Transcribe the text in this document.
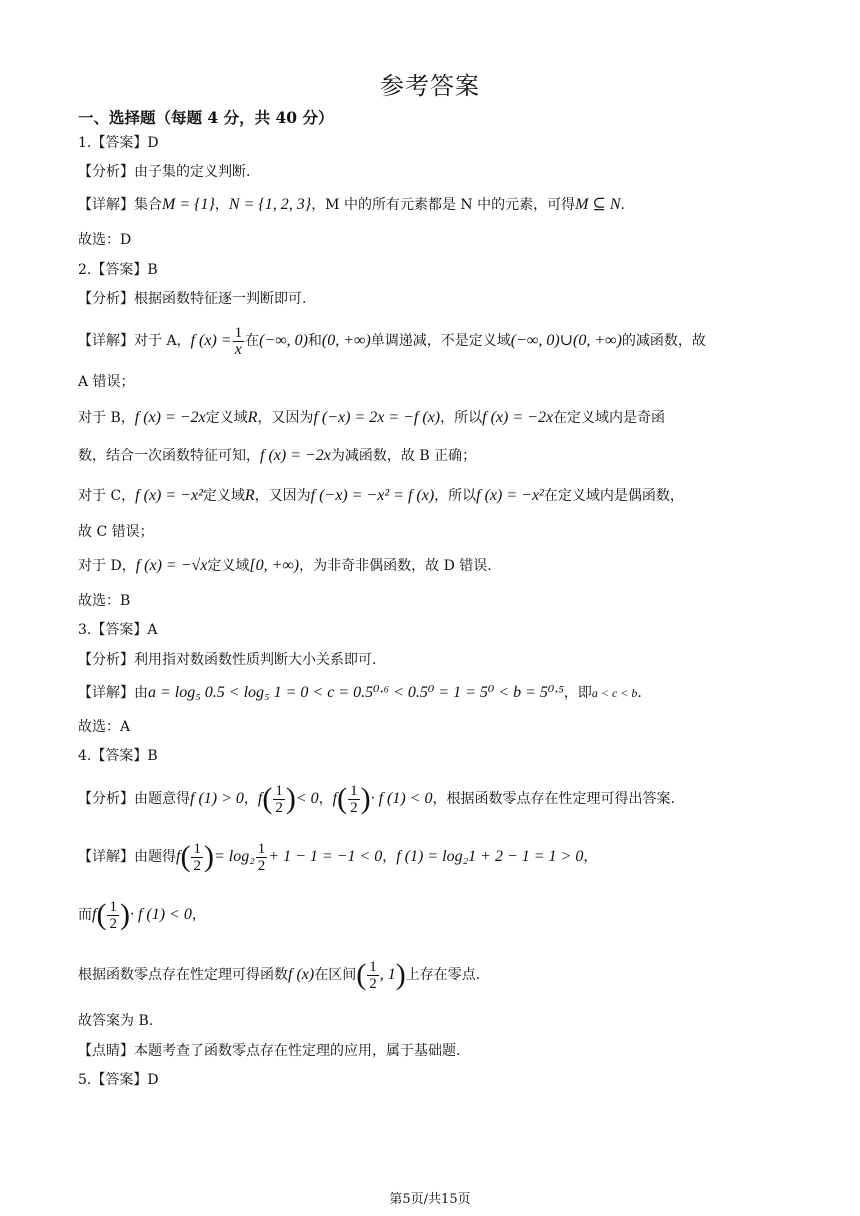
参考答案
一、选择题（每题 4 分，共 40 分）
1.【答案】D
【分析】由子集的定义判断.
【详解】集合M = {1}，N = {1, 2, 3}，M 中的所有元素都是 N 中的元素，可得M ⊆ N.
故选：D
2.【答案】B
【分析】根据函数特征逐一判断即可.
【详解】对于 A，f $(x) = \frac{1}{x}$ 在(−∞, 0)和(0, +∞)单调递减，不是定义域(−∞, 0)∪(0, +∞)的减函数，故
A 错误；
对于 B，f (x) = −2x定义域R，又因为f (−x) = 2x = −f (x)，所以f (x) = −2x在定义域内是奇函
数，结合一次函数特征可知，f (x) = −2x为减函数，故 B 正确；
对于 C，f (x) = −x²定义域R，又因为f (−x) = −x² = f (x)，所以f (x) = −x²在定义域内是偶函数，
故 C 错误；
对于 D，f (x) = −√x定义域[0, +∞)，为非奇非偶函数，故 D 错误.
故选：B
3.【答案】A
【分析】利用指对数函数性质判断大小关系即可.
【详解】由a = log₅ 0.5 < log₅ 1 = 0 < c = 0.5⁰·⁶ < 0.5⁰ = 1 = 5⁰ < b = 5⁰·⁵，即a < c < b.
故选：A
4.【答案】B
【分析】由题意得f (1) > 0，$f( \frac{1}{2}$ )< 0，$f( \frac{1}{2}$ )· f (1) < 0，根据函数零点存在性定理可得出答案.
【详解】由题得$f( \frac{1}{2}$ )= $\log_2 \frac{1}{2} + 1 - 1 = -1 < 0$，f (1) = log₂1 + 2 − 1 = 1 > 0，
而$f( \frac{1}{2}$ )· f (1) < 0，
根据函数零点存在性定理可得函数f (x)在区间( $\frac{1}{2}$ , 1)上存在零点.
故答案为 B.
【点睛】本题考查了函数零点存在性定理的应用，属于基础题.
5.【答案】D
第5页/共15页
